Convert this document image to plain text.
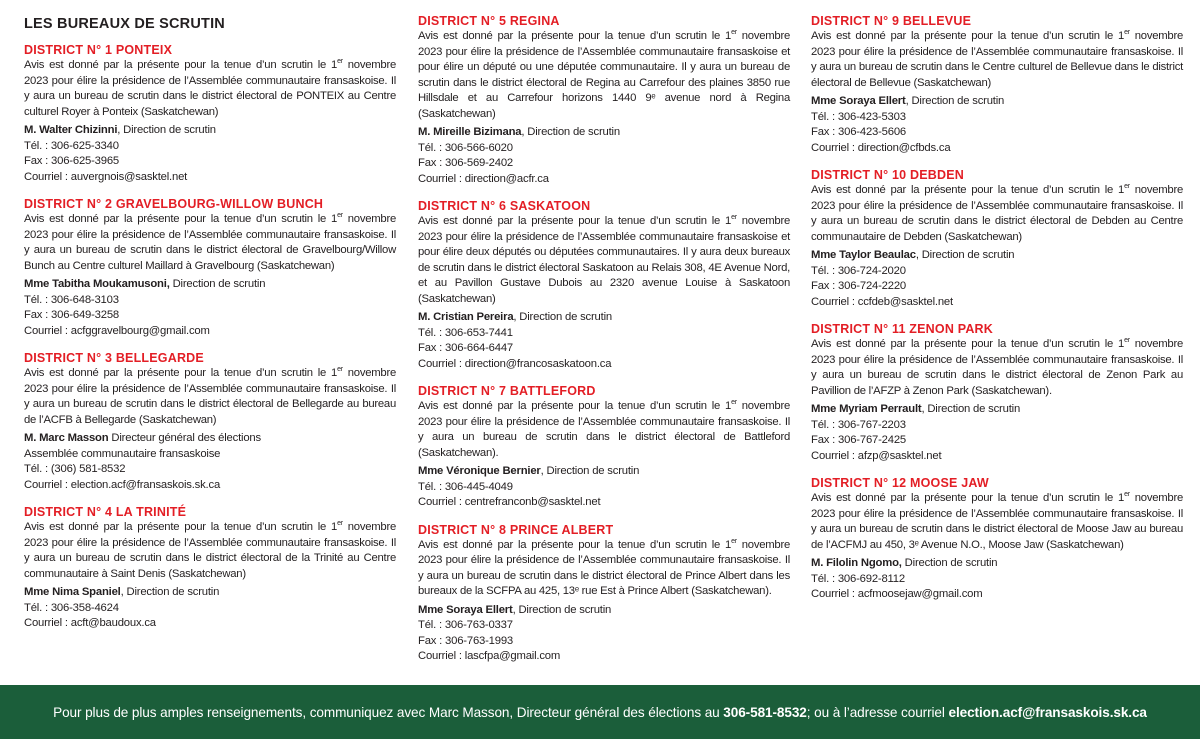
LES BUREAUX DE SCRUTIN
DISTRICT N° 1 PONTEIX
Avis est donné par la présente pour la tenue d’un scrutin le 1er novembre 2023 pour élire la présidence de l’Assemblée communautaire fransaskoise. Il y aura un bureau de scrutin dans le district électoral de PONTEIX au Centre culturel Royer à Ponteix (Saskatchewan)
M. Walter Chizinni, Direction de scrutin
Tél. : 306-625-3340
Fax : 306-625-3965
Courriel : auvergnois@sasktel.net
DISTRICT N° 2 GRAVELBOURG-WILLOW BUNCH
Avis est donné par la présente pour la tenue d’un scrutin le 1er novembre 2023 pour élire la présidence de l’Assemblée communautaire fransaskoise. Il y aura un bureau de scrutin dans le district électoral de Gravelbourg/Willow Bunch au Centre culturel Maillard à Gravelbourg (Saskatchewan)
Mme Tabitha Moukamusoni, Direction de scrutin
Tél. : 306-648-3103
Fax : 306-649-3258
Courriel : acfggravelbourg@gmail.com
DISTRICT N° 3 BELLEGARDE
Avis est donné par la présente pour la tenue d’un scrutin le 1er novembre 2023 pour élire la présidence de l’Assemblée communautaire fransaskoise. Il y aura un bureau de scrutin dans le district électoral de Bellegarde au bureau de l’ACFB à Bellegarde (Saskatchewan)
M. Marc Masson Directeur général des élections
Assemblée communautaire fransaskoise
Tél. : (306) 581-8532
Courriel : election.acf@fransaskois.sk.ca
DISTRICT N° 4 LA TRINITÉ
Avis est donné par la présente pour la tenue d’un scrutin le 1er novembre 2023 pour élire la présidence de l’Assemblée communautaire fransaskoise. Il y aura un bureau de scrutin dans le district électoral de la Trinité au Centre communautaire à Saint Denis (Saskatchewan)
Mme Nima Spaniel, Direction de scrutin
Tél. : 306-358-4624
Courriel : acft@baudoux.ca
DISTRICT N° 5 REGINA
Avis est donné par la présente pour la tenue d’un scrutin le 1er novembre 2023 pour élire la présidence de l’Assemblée communautaire fransaskoise et pour élire un député ou une députée communautaire. Il y aura un bureau de scrutin dans le district électoral de Regina au Carrefour des plaines 3850 rue Hillsdale et au Carrefour horizons 1440 9ᵉ avenue nord à Regina (Saskatchewan)
M. Mireille Bizimana, Direction de scrutin
Tél. : 306-566-6020
Fax : 306-569-2402
Courriel : direction@acfr.ca
DISTRICT N° 6 SASKATOON
Avis est donné par la présente pour la tenue d’un scrutin le 1er novembre 2023 pour élire la présidence de l’Assemblée communautaire fransaskoise et pour élire deux députés ou députées communautaires. Il y aura deux bureaux de scrutin dans le district électoral Saskatoon au Relais 308, 4E Avenue Nord, et au Pavillon Gustave Dubois au 2320 avenue Louise à Saskatoon (Saskatchewan)
M. Cristian Pereira, Direction de scrutin
Tél. : 306-653-7441
Fax : 306-664-6447
Courriel : direction@francosaskatoon.ca
DISTRICT N° 7 BATTLEFORD
Avis est donné par la présente pour la tenue d’un scrutin le 1er novembre 2023 pour élire la présidence de l’Assemblée communautaire fransaskoise. Il y aura un bureau de scrutin dans le district électoral de Battleford (Saskatchewan).
Mme Véronique Bernier, Direction de scrutin
Tél. : 306-445-4049
Courriel : centrefranconb@sasktel.net
DISTRICT N° 8 PRINCE ALBERT
Avis est donné par la présente pour la tenue d’un scrutin le 1er novembre 2023 pour élire la présidence de l’Assemblée communautaire fransaskoise. Il y aura un bureau de scrutin dans le district électoral de Prince Albert dans les bureaux de la SCFPA au 425, 13ᵉ rue Est à Prince Albert (Saskatchewan).
Mme Soraya Ellert, Direction de scrutin
Tél. : 306-763-0337
Fax : 306-763-1993
Courriel : lascfpa@gmail.com
DISTRICT N° 9 BELLEVUE
Avis est donné par la présente pour la tenue d’un scrutin le 1er novembre 2023 pour élire la présidence de l’Assemblée communautaire fransaskoise. Il y aura un bureau de scrutin dans le Centre culturel de Bellevue dans le district électoral de Bellevue (Saskatchewan)
Mme Soraya Ellert, Direction de scrutin
Tél. : 306-423-5303
Fax : 306-423-5606
Courriel : direction@cfbds.ca
DISTRICT N° 10 DEBDEN
Avis est donné par la présente pour la tenue d’un scrutin le 1er novembre 2023 pour élire la présidence de l’Assemblée communautaire fransaskoise. Il y aura un bureau de scrutin dans le district électoral de Debden au Centre communautaire de Debden (Saskatchewan)
Mme Taylor Beaulac, Direction de scrutin
Tél. : 306-724-2020
Fax : 306-724-2220
Courriel : ccfdeb@sasktel.net
DISTRICT N° 11 ZENON PARK
Avis est donné par la présente pour la tenue d’un scrutin le 1er novembre 2023 pour élire la présidence de l’Assemblée communautaire fransaskoise. Il y aura un bureau de scrutin dans le district électoral de Zenon Park au Pavillion de l’AFZP à Zenon Park (Saskatchewan).
Mme Myriam Perrault, Direction de scrutin
Tél. : 306-767-2203
Fax : 306-767-2425
Courriel : afzp@sasktel.net
DISTRICT N° 12 MOOSE JAW
Avis est donné par la présente pour la tenue d’un scrutin le 1er novembre 2023 pour élire la présidence de l’Assemblée communautaire fransaskoise. Il y aura un bureau de scrutin dans le district électoral de Moose Jaw au bureau de l’ACFMJ au 450, 3ᵉ Avenue N.O., Moose Jaw (Saskatchewan)
M. Filolin Ngomo, Direction de scrutin
Tél. : 306-692-8112
Courriel : acfmoosejaw@gmail.com
Pour plus de plus amples renseignements, communiquez avec Marc Masson, Directeur général des élections au 306-581-8532; ou à l’adresse courriel election.acf@fransaskois.sk.ca
